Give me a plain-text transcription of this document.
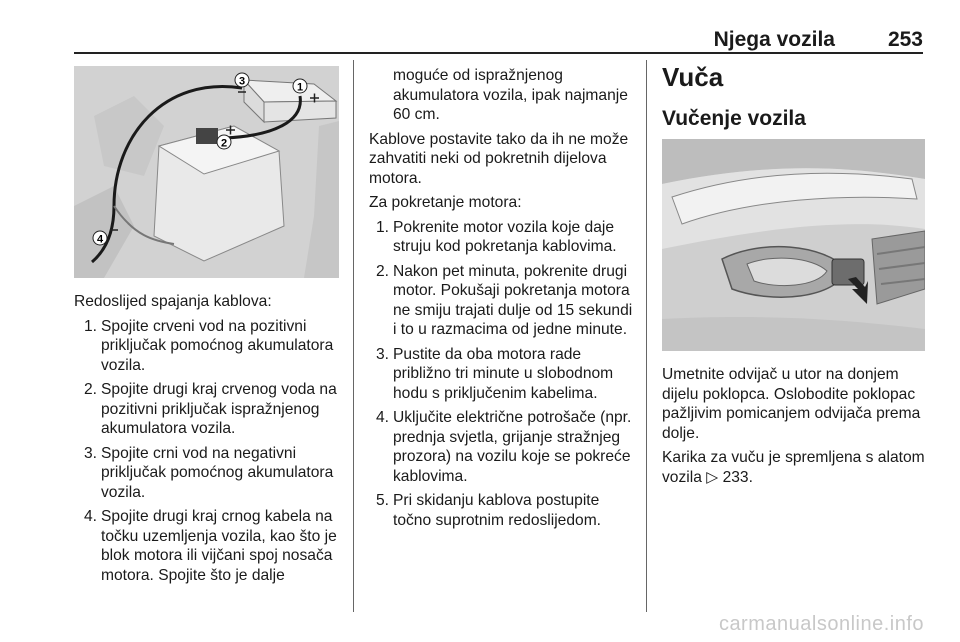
Njega vozila	253
3	1
2
4

Redoslijed spajanja kablova:

1. Spojite crveni vod na pozitivni priključak pomoćnog akumulatora vozila.
2. Spojite drugi kraj crvenog voda na pozitivni priključak ispražnjenog akumulatora vozila.
3. Spojite crni vod na negativni priključak pomoćnog akumulatora vozila.
4. Spojite drugi kraj crnog kabela na točku uzemljenja vozila, kao što je blok motora ili vijčani spoj nosača motora. Spojite što je dalje

moguće od ispražnjenog akumulatora vozila, ipak najmanje 60 cm.

Kablove postavite tako da ih ne može zahvatiti neki od pokretnih dijelova motora.

Za pokretanje motora:

1. Pokrenite motor vozila koje daje struju kod pokretanja kablovima.
2. Nakon pet minuta, pokrenite drugi motor. Pokušaji pokretanja motora ne smiju trajati dulje od 15 sekundi i to u razmacima od jedne minute.
3. Pustite da oba motora rade približno tri minute u slobodnom hodu s priključenim kabelima.
4. Uključite električne potrošače (npr. prednja svjetla, grijanje stražnjeg prozora) na vozilu koje se pokreće kablovima.
5. Pri skidanju kablova postupite točno suprotnim redoslijedom.
Vuča
Vučenje vozila

Umetnite odvijač u utor na donjem dijelu poklopca. Oslobodite poklopac pažljivim pomicanjem odvijača prema dolje.

Karika za vuču je spremljena s alatom vozila ▷ 233.

carmanualsonline.info
